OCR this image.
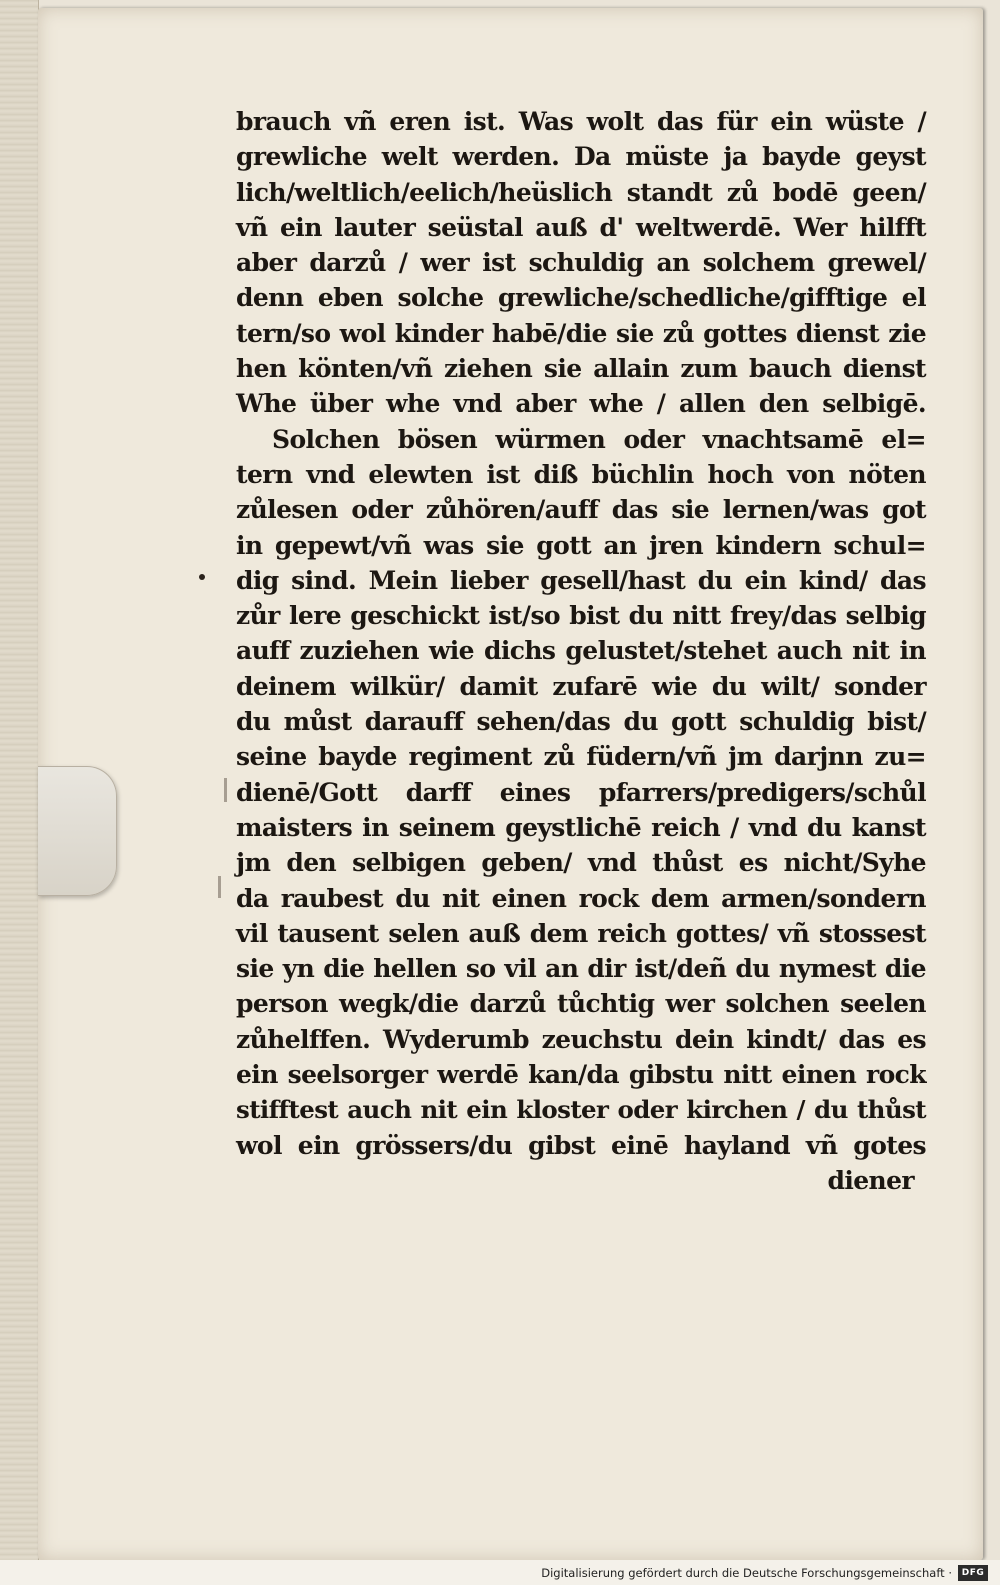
brauch vñ eren ist. Was wolt das für ein wüste /
grewliche welt werden. Da müste ja bayde geyst
lich/weltlich/eelich/heüslich standt zů bodē geen/
vñ ein lauter seüstal auß d' weltwerdē. Wer hilfft
aber darzů / wer ist schuldig an solchem grewel/
denn eben solche grewliche/schedliche/gifftige el
tern/so wol kinder habē/die sie zů gottes dienst zie
hen könten/vñ ziehen sie allain zum bauch dienst
Whe über whe vnd aber whe / allen den selbigē.
Solchen bösen würmen oder vnachtsamē el=
tern vnd elewten ist diß büchlin hoch von nöten
zůlesen oder zůhören/auff das sie lernen/was got
in gepewt/vñ was sie gott an jren kindern schul=
dig sind. Mein lieber gesell/hast du ein kind/ das
zůr lere geschickt ist/so bist du nitt frey/das selbig
auff zuziehen wie dichs gelustet/stehet auch nit in
deinem wilkür/ damit zufarē wie du wilt/ sonder
du můst darauff sehen/das du gott schuldig bist/
seine bayde regiment zů füdern/vñ jm darjnn zu=
dienē/Gott darff eines pfarrers/predigers/schůl
maisters in seinem geystlichē reich / vnd du kanst
jm den selbigen geben/ vnd thůst es nicht/Syhe
da raubest du nit einen rock dem armen/sondern
vil tausent selen auß dem reich gottes/ vñ stossest
sie yn die hellen so vil an dir ist/deñ du nymest die
person wegk/die darzů tůchtig wer solchen seelen
zůhelffen. Wyderumb zeuchstu dein kindt/ das es
ein seelsorger werdē kan/da gibstu nitt einen rock
stifftest auch nit ein kloster oder kirchen / du thůst
wol ein grössers/du gibst einē hayland vñ gotes
diener
Digitalisierung gefördert durch die Deutsche Forschungsgemeinschaft ·	DFG
